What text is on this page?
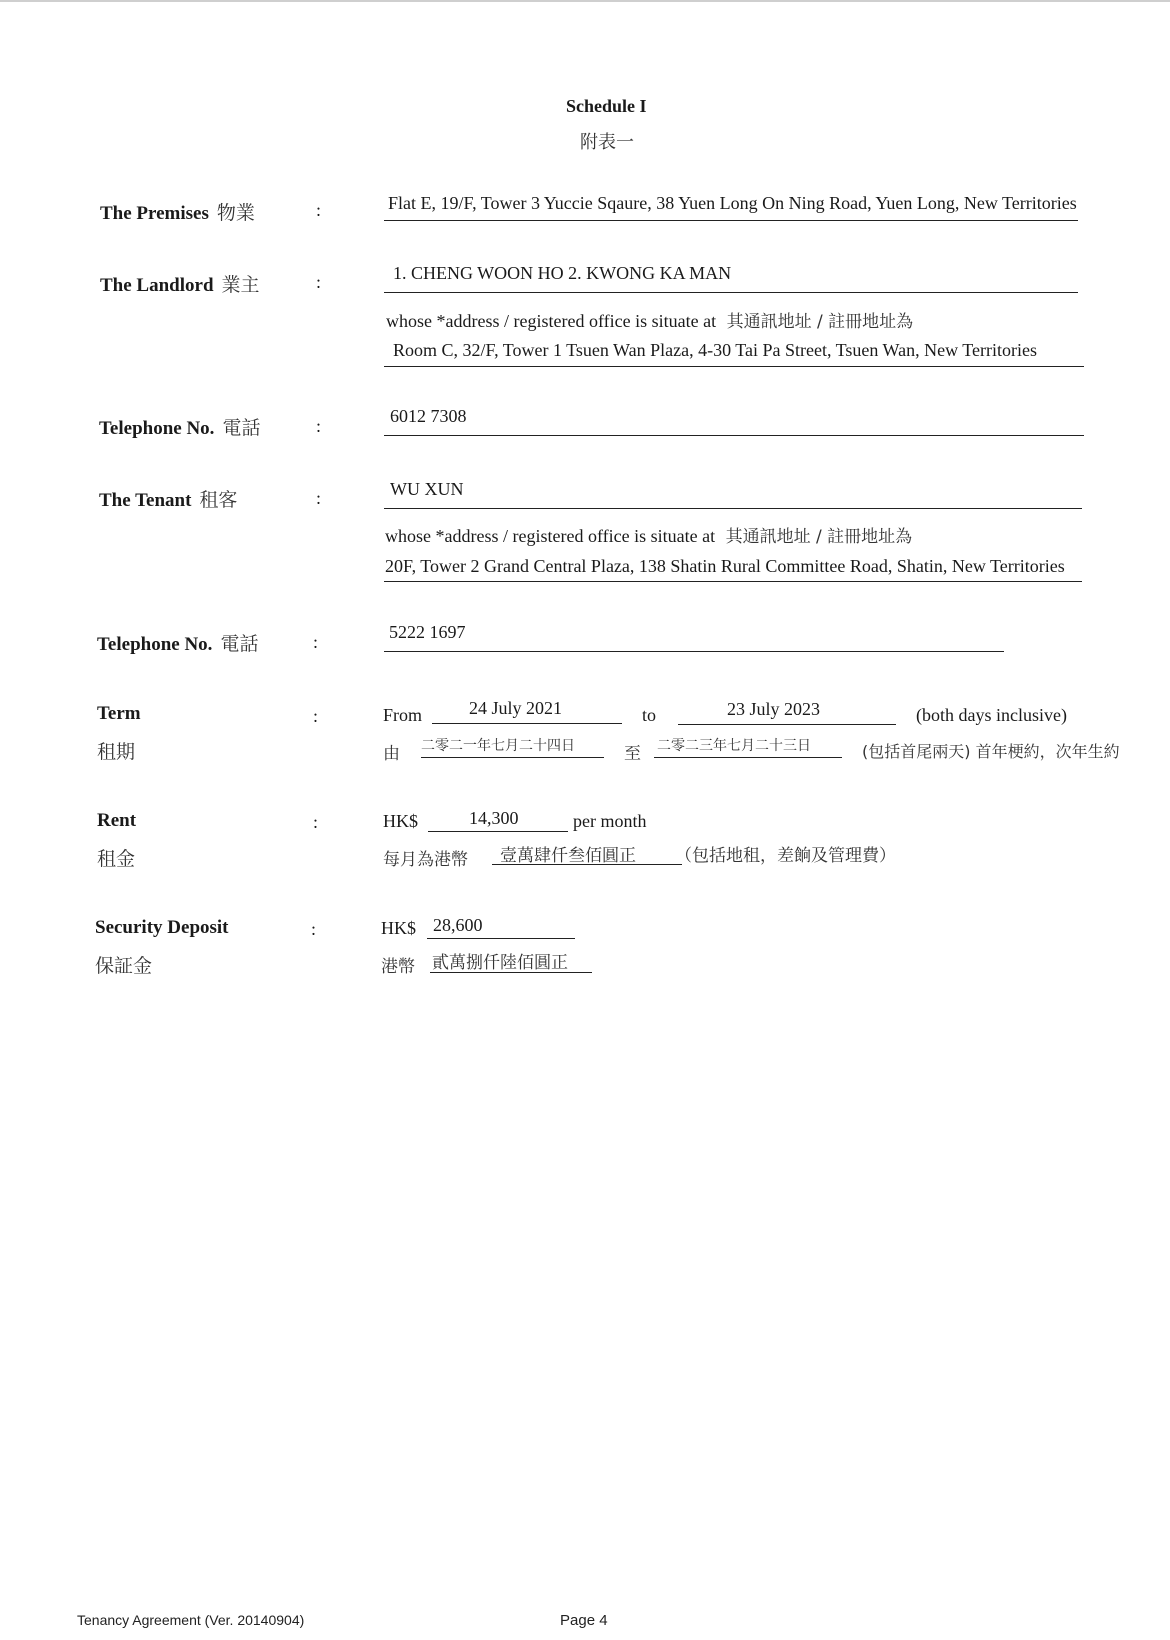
Schedule I
附表一
The Premises 物業	:	Flat E, 19/F, Tower 3 Yuccie Sqaure, 38 Yuen Long On Ning Road, Yuen Long, New Territories
The Landlord 業主	:	1. CHENG WOON HO 2. KWONG KA MAN
whose *address / registered office is situate at 其通訊地址 / 註冊地址為
Room C, 32/F, Tower 1 Tsuen Wan Plaza, 4-30 Tai Pa Street, Tsuen Wan, New Territories
Telephone No. 電話	:	6012 7308
The Tenant 租客	:	WU XUN
whose *address / registered office is situate at 其通訊地址 / 註冊地址為
20F, Tower 2 Grand Central Plaza, 138 Shatin Rural Committee Road, Shatin, New Territories
Telephone No. 電話	:	5222 1697
Term
租期
:	From	24 July 2021	to	23 July 2023	(both days inclusive)
由 二零二一年七月二十四日	至 二零二三年七月二十三日	(包括首尾兩天) 首年梗約，次年生約
Rent
租金
:	HK$	14,300	per month
每月為港幣 壹萬肆仟叁佰圓正 （包括地租，差餉及管理費）
Security Deposit
保証金
:	HK$ 28,600
港幣 貳萬捌仟陸佰圓正
Tenancy Agreement (Ver. 20140904)	Page 4
